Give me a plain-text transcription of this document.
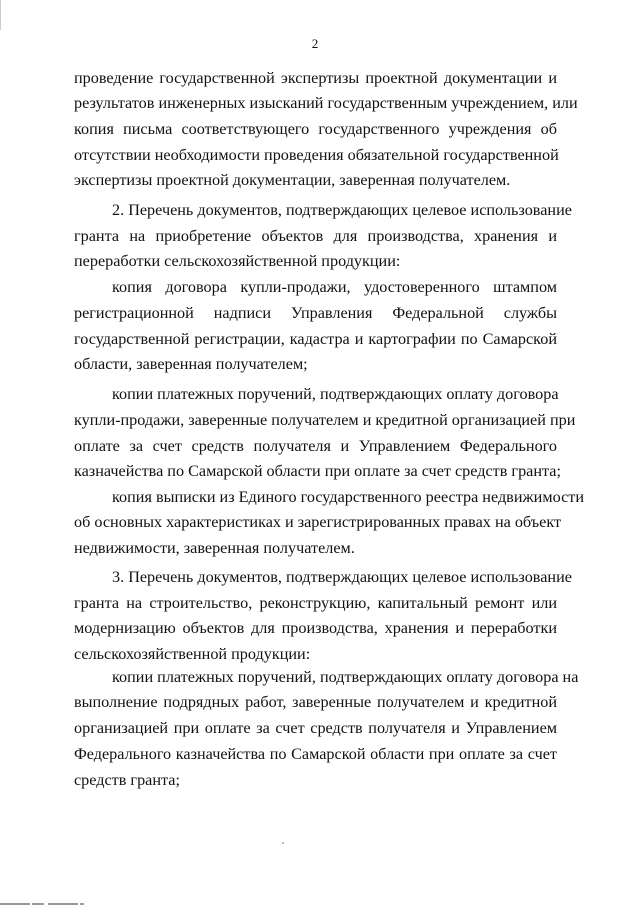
2
проведение государственной экспертизы проектной документации и
результатов инженерных изысканий государственным учреждением, или
копия письма соответствующего государственного учреждения об
отсутствии необходимости проведения обязательной государственной
экспертизы проектной документации, заверенная получателем.
2. Перечень документов, подтверждающих целевое использование
гранта на приобретение объектов для производства, хранения и
переработки сельскохозяйственной продукции:
копия договора купли-продажи, удостоверенного штампом
регистрационной надписи Управления Федеральной службы
государственной регистрации, кадастра и картографии по Самарской
области, заверенная получателем;
копии платежных поручений, подтверждающих оплату договора
купли-продажи, заверенные получателем и кредитной организацией при
оплате за счет средств получателя и Управлением Федерального
казначейства по Самарской области при оплате за счет средств гранта;
копия выписки из Единого государственного реестра недвижимости
об основных характеристиках и зарегистрированных правах на объект
недвижимости, заверенная получателем.
3. Перечень документов, подтверждающих целевое использование
гранта на строительство, реконструкцию, капитальный ремонт или
модернизацию объектов для производства, хранения и переработки
сельскохозяйственной продукции:
копии платежных поручений, подтверждающих оплату договора на
выполнение подрядных работ, заверенные получателем и кредитной
организацией при оплате за счет средств получателя и Управлением
Федерального казначейства по Самарской области при оплате за счет
средств гранта;
